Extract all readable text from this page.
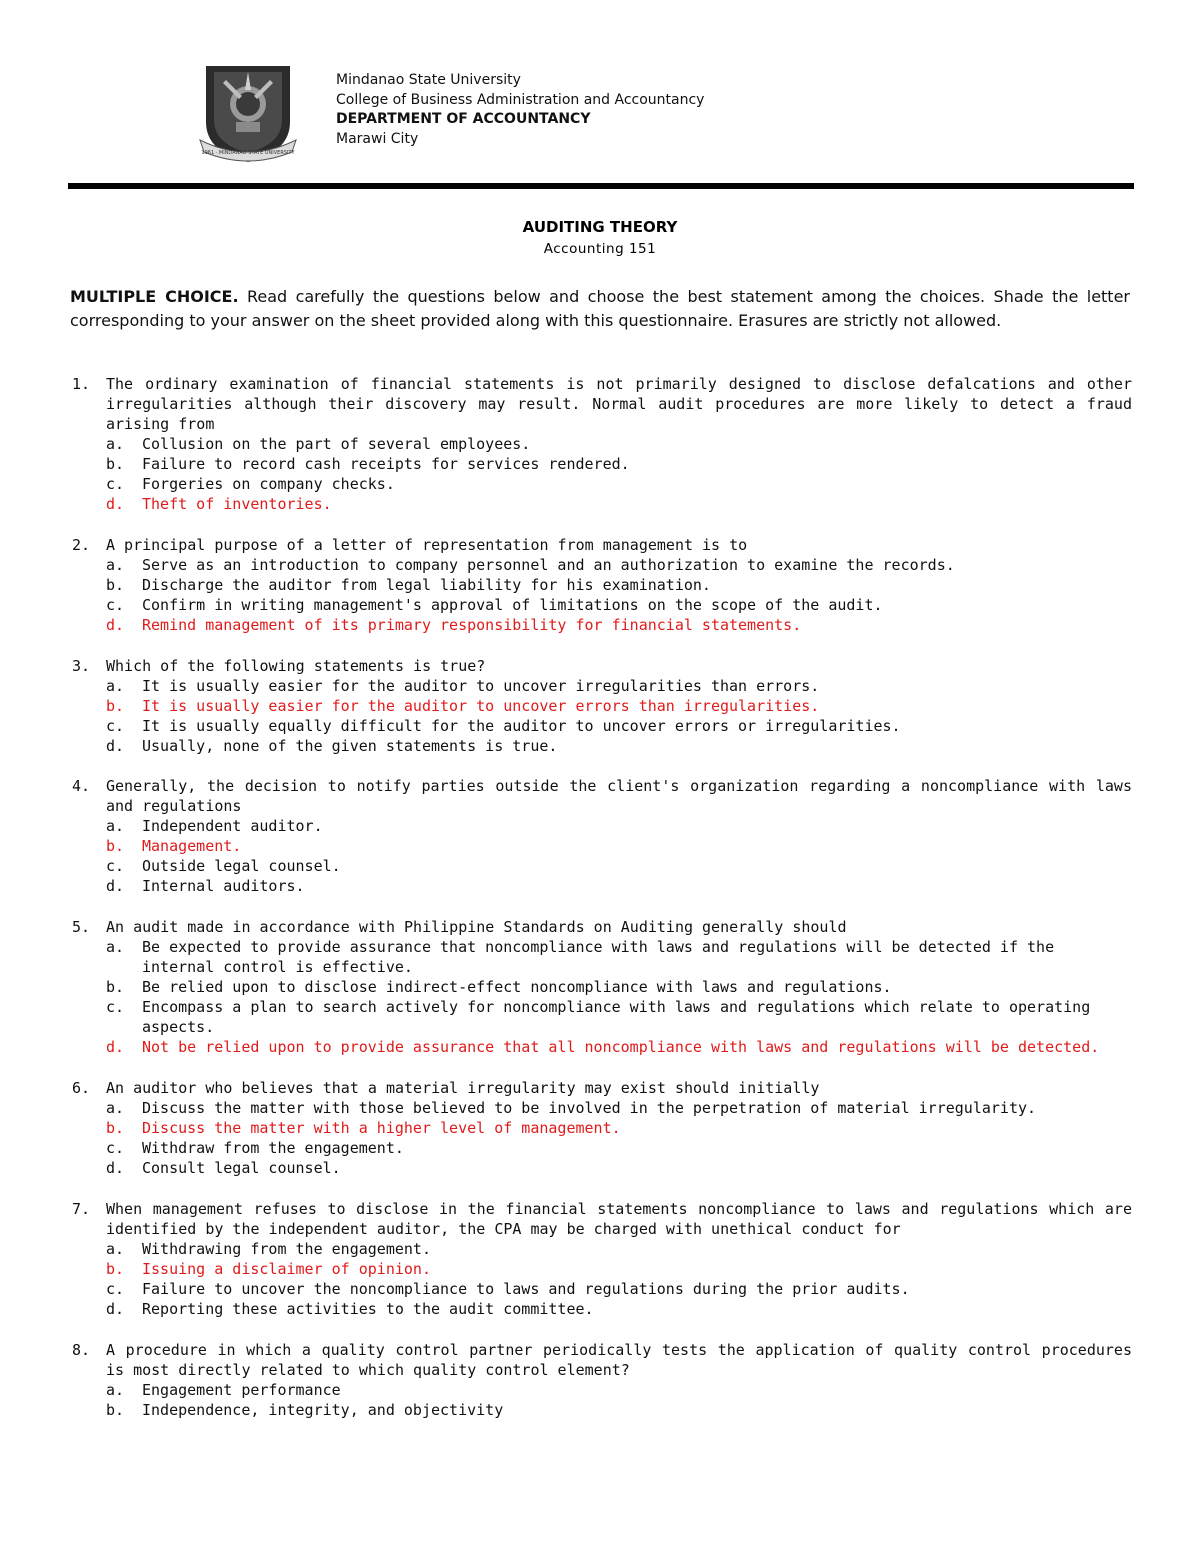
1961 · MINDANAO STATE UNIVERSITY
Mindanao State University
College of Business Administration and Accountancy
DEPARTMENT OF ACCOUNTANCY
Marawi City
AUDITING THEORY
Accounting 151
MULTIPLE CHOICE. Read carefully the questions below and choose the best statement among the choices. Shade the letter corresponding to your answer on the sheet provided along with this questionnaire. Erasures are strictly not allowed.
1.	The ordinary examination of financial statements is not primarily designed to disclose defalcations and other irregularities although their discovery may result. Normal audit procedures are more likely to detect a fraud arising from
a.	Collusion on the part of several employees.
b.	Failure to record cash receipts for services rendered.
c.	Forgeries on company checks.
d.	Theft of inventories.
2.	A principal purpose of a letter of representation from management is to
a.	Serve as an introduction to company personnel and an authorization to examine the records.
b.	Discharge the auditor from legal liability for his examination.
c.	Confirm in writing management's approval of limitations on the scope of the audit.
d.	Remind management of its primary responsibility for financial statements.
3.	Which of the following statements is true?
a.	It is usually easier for the auditor to uncover irregularities than errors.
b.	It is usually easier for the auditor to uncover errors than irregularities.
c.	It is usually equally difficult for the auditor to uncover errors or irregularities.
d.	Usually, none of the given statements is true.
4.	Generally, the decision to notify parties outside the client's organization regarding a noncompliance with laws and regulations
a.	Independent auditor.
b.	Management.
c.	Outside legal counsel.
d.	Internal auditors.
5.	An audit made in accordance with Philippine Standards on Auditing generally should
a.	Be expected to provide assurance that noncompliance with laws and regulations will be detected if the internal control is effective.
b.	Be relied upon to disclose indirect-effect noncompliance with laws and regulations.
c.	Encompass a plan to search actively for noncompliance with laws and regulations which relate to operating aspects.
d.	Not be relied upon to provide assurance that all noncompliance with laws and regulations will be detected.
6.	An auditor who believes that a material irregularity may exist should initially
a.	Discuss the matter with those believed to be involved in the perpetration of material irregularity.
b.	Discuss the matter with a higher level of management.
c.	Withdraw from the engagement.
d.	Consult legal counsel.
7.	When management refuses to disclose in the financial statements noncompliance to laws and regulations which are identified by the independent auditor, the CPA may be charged with unethical conduct for
a.	Withdrawing from the engagement.
b.	Issuing a disclaimer of opinion.
c.	Failure to uncover the noncompliance to laws and regulations during the prior audits.
d.	Reporting these activities to the audit committee.
8.	A procedure in which a quality control partner periodically tests the application of quality control procedures is most directly related to which quality control element?
a.	Engagement performance
b.	Independence, integrity, and objectivity
